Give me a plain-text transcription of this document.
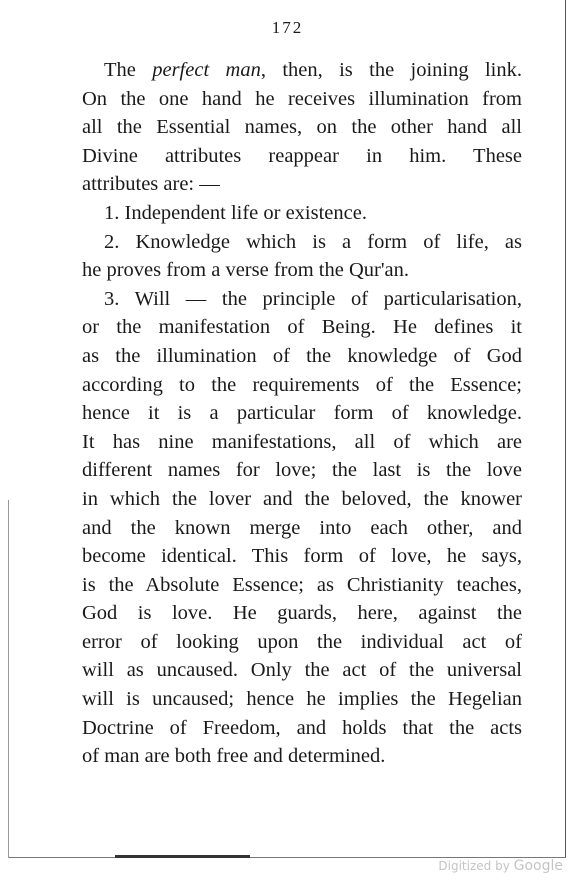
172
The perfect man, then, is the joining link.
On the one hand he receives illumination from
all the Essential names, on the other hand all
Divine attributes reappear in him. These
attributes are: —
1. Independent life or existence.
2. Knowledge which is a form of life, as
he proves from a verse from the Qur'an.
3. Will — the principle of particularisation,
or the manifestation of Being. He defines it
as the illumination of the knowledge of God
according to the requirements of the Essence;
hence it is a particular form of knowledge.
It has nine manifestations, all of which are
different names for love; the last is the love
in which the lover and the beloved, the knower
and the known merge into each other, and
become identical. This form of love, he says,
is the Absolute Essence; as Christianity teaches,
God is love. He guards, here, against the
error of looking upon the individual act of
will as uncaused. Only the act of the universal
will is uncaused; hence he implies the Hegelian
Doctrine of Freedom, and holds that the acts
of man are both free and determined.
Digitized by Google
